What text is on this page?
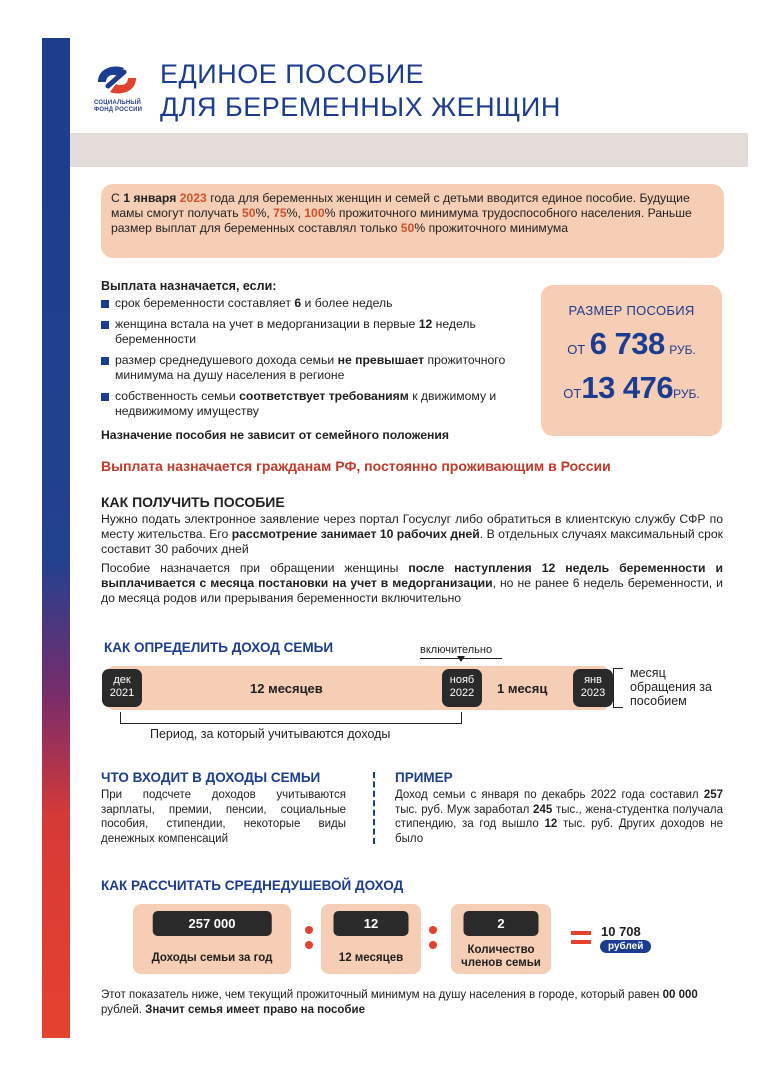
СОЦИАЛЬНЫЙ
ФОНД РОССИИ
ЕДИНОЕ ПОСОБИЕ
ДЛЯ БЕРЕМЕННЫХ ЖЕНЩИН
С 1 января 2023 года для беременных женщин и семей с детьми вводится единое пособие. Будущие мамы смогут получать 50%, 75%, 100% прожиточного минимума трудоспособного населения. Раньше размер выплат для беременных составлял только 50% прожиточного минимума
Выплата назначается, если:
срок беременности составляет 6 и более недель
женщина встала на учет в медорганизации в первые 12 недель беременности
размер среднедушевого дохода семьи не превышает прожиточного минимума на душу населения в регионе
собственность семьи соответствует требованиям к движимому и недвижимому имуществу
Назначение пособия не зависит от семейного положения
РАЗМЕР ПОСОБИЯ
ОТ 6 738 РУБ.
ОТ13 476РУБ.
Выплата назначается гражданам РФ, постоянно проживающим в России
КАК ПОЛУЧИТЬ ПОСОБИЕ
Нужно подать электронное заявление через портал Госуслуг либо обратиться в клиентскую службу СФР по месту жительства. Его рассмотрение занимает 10 рабочих дней. В отдельных случаях максимальный срок составит 30 рабочих дней
Пособие назначается при обращении женщины после наступления 12 недель беременности и выплачивается с месяца постановки на учет в медорганизации, но не ранее 6 недель беременности, и до месяца родов или прерывания беременности включительно
КАК ОПРЕДЕЛИТЬ ДОХОД СЕМЬИ	включительно
дек
2021	12 месяцев
нояб
2022	1 месяц
янв
2023
месяц обращения за пособием
Период, за который учитываются доходы
ЧТО ВХОДИТ В ДОХОДЫ СЕМЬИ
При подсчете доходов учитываются зарплаты, премии, пенсии, социальные пособия, стипендии, некоторые виды денежных компенсаций
ПРИМЕР
Доход семьи с января по декабрь 2022 года составил 257 тыс. руб. Муж заработал 245 тыс., жена-студентка получала стипендию, за год вышло 12 тыс. руб. Других доходов не было
КАК РАССЧИТАТЬ СРЕДНЕДУШЕВОЙ ДОХОД
257 000
Доходы семьи за год
12
12 месяцев
2
Количество членов семьи
10 708
рублей
Этот показатель ниже, чем текущий прожиточный минимум на душу населения в городе, который равен 00 000 рублей. Значит семья имеет право на пособие
